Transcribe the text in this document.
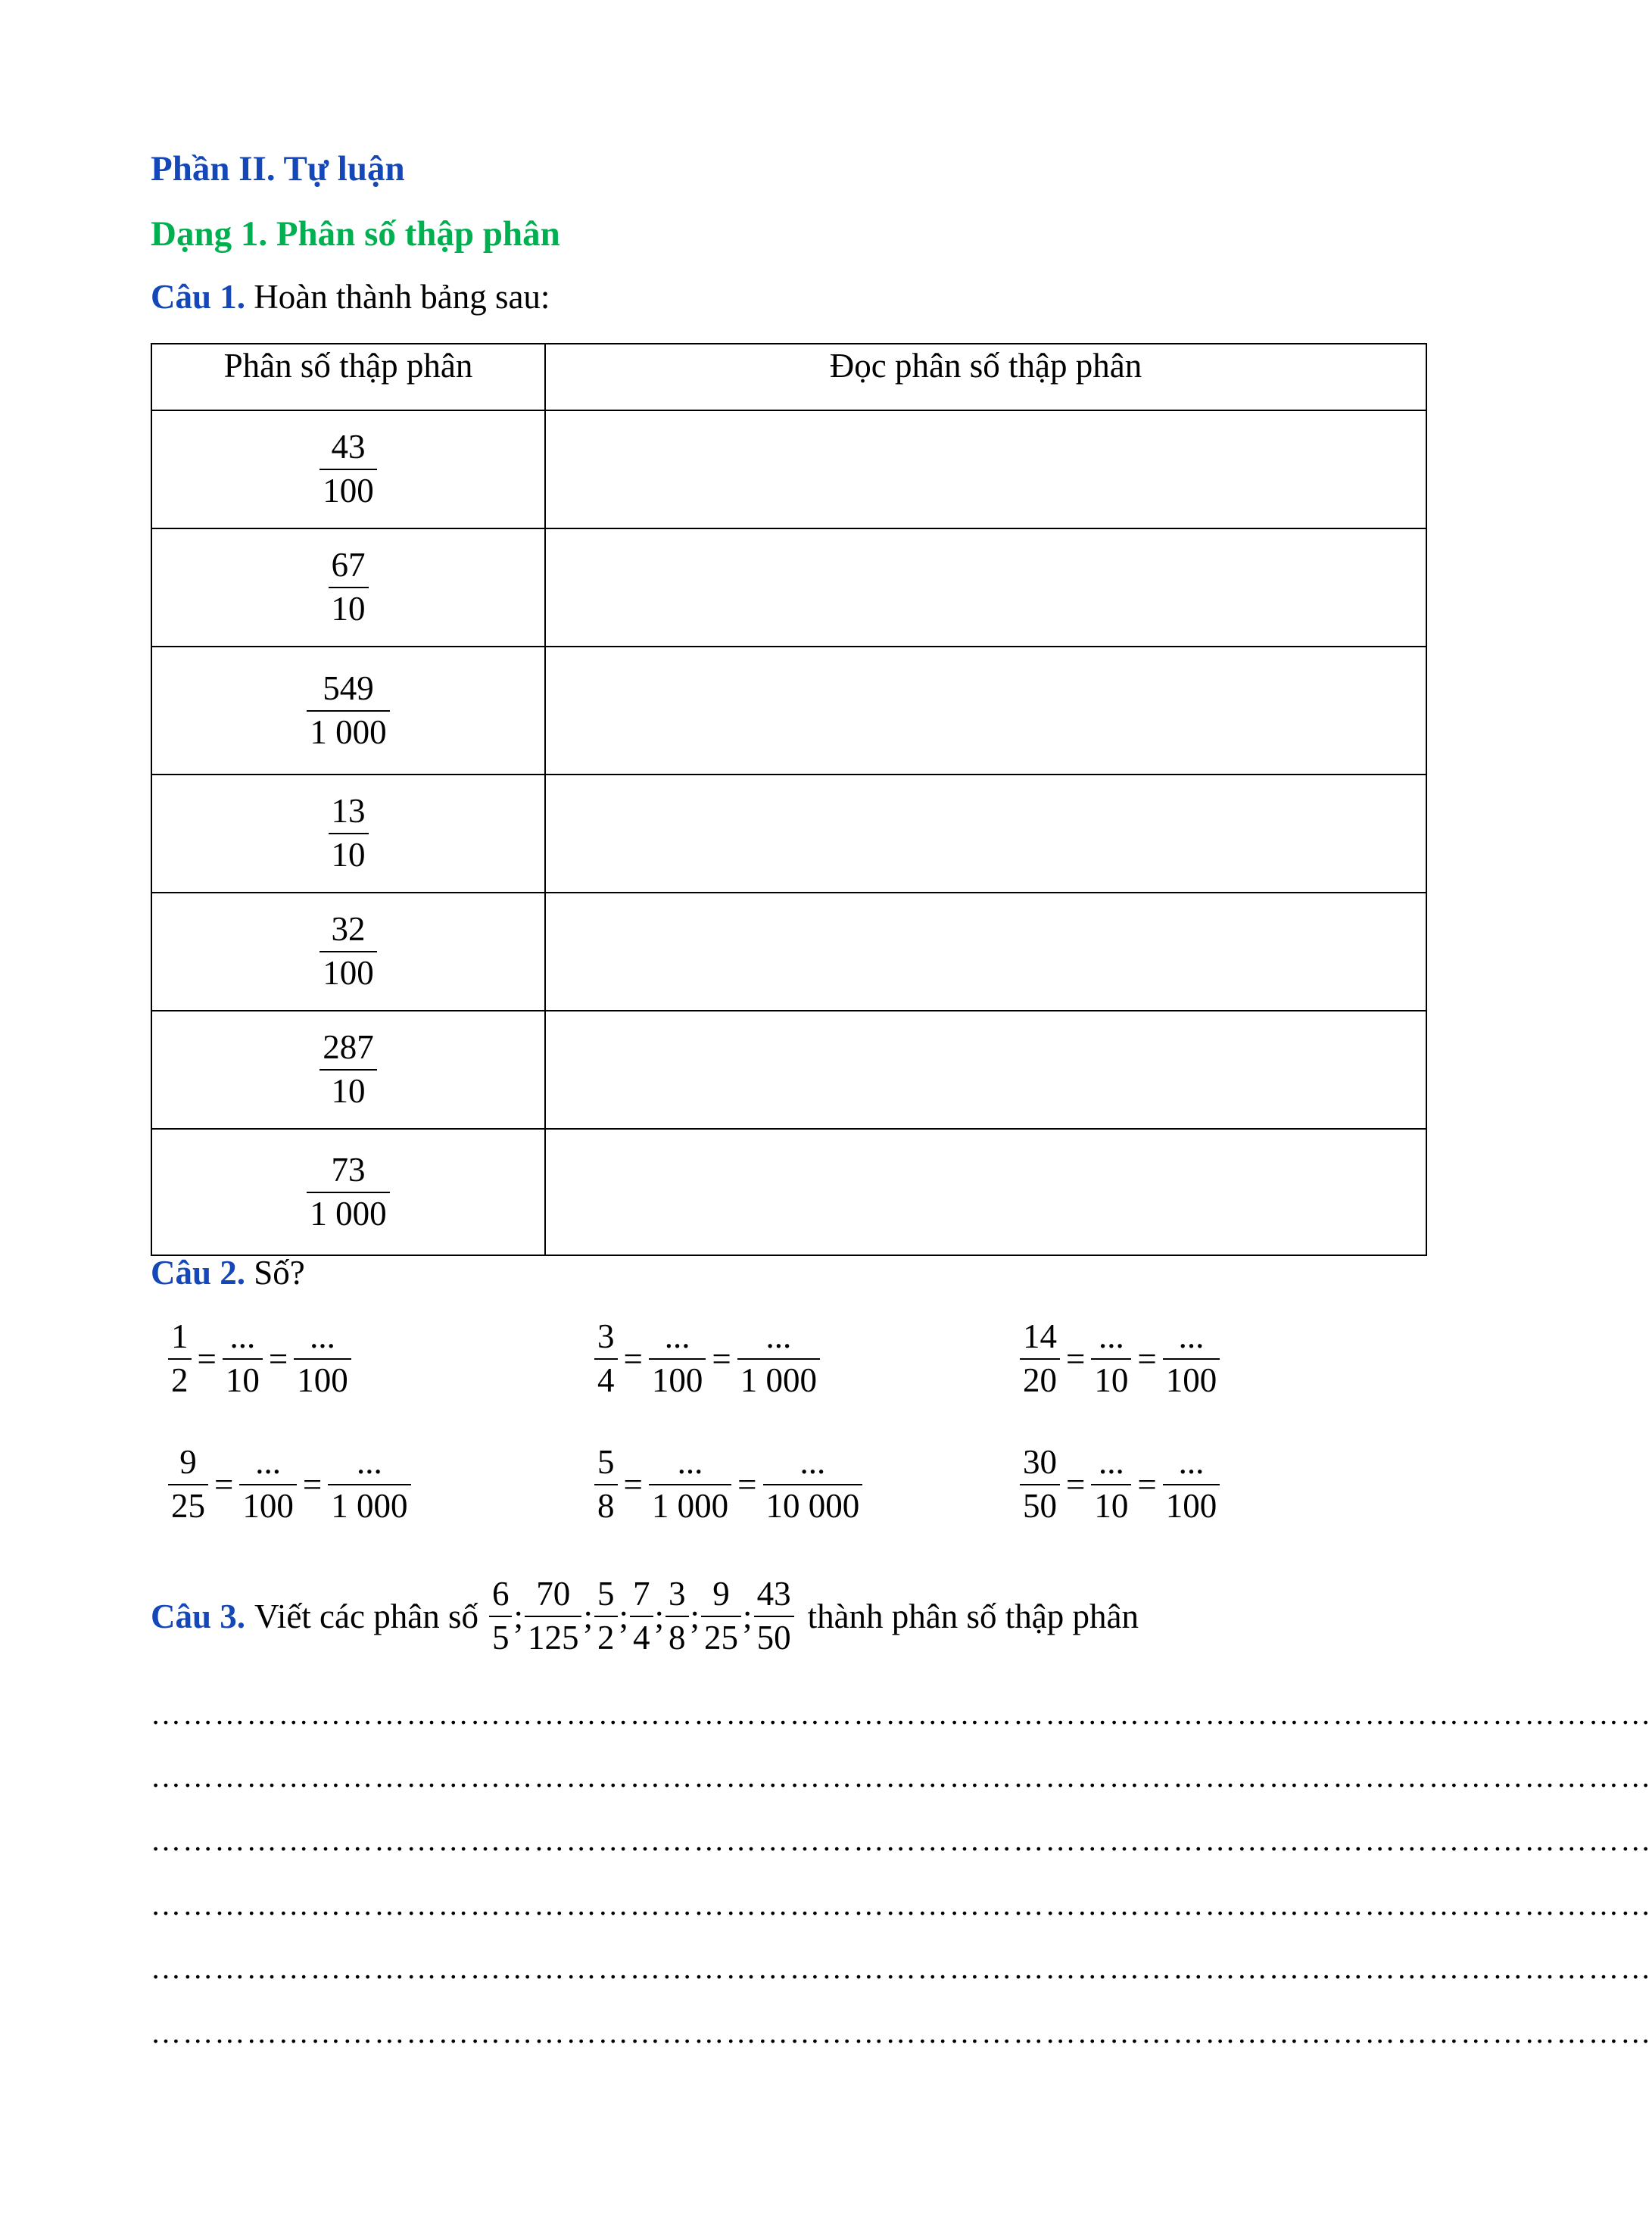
Phần II. Tự luận
Dạng 1. Phân số thập phân
Câu 1. Hoàn thành bảng sau:
Phân số thập phân	Đọc phân số thập phân

$\frac{43}{100}$

$\frac{67}{10}$

$\frac{549}{1 000}$

$\frac{13}{10}$

$\frac{32}{100}$

$\frac{287}{10}$

$\frac{73}{1 000}$

Câu 2. Số?
$\frac{1}{2} = \frac{...}{10} = \frac{...}{100}$	$\frac{3}{4} = \frac{...}{100} = \frac{...}{1 000}$	$\frac{14}{20} = \frac{...}{10} = \frac{...}{100}$
$\frac{9}{25} = \frac{...}{100} = \frac{...}{1 000}$	$\frac{5}{8} = \frac{...}{1 000} = \frac{...}{10 000}$	$\frac{30}{50} = \frac{...}{10} = \frac{...}{100}$
Câu 3. Viết các phân số $\frac{6}{5}$ ; $\frac{70}{125}$ ; $\frac{5}{2}$ ; $\frac{7}{4}$ ; $\frac{3}{8}$ ; $\frac{9}{25}$ ; $\frac{43}{50}$ thành phân số thập phân
……………………………………………………………………………………………………………………………
……………………………………………………………………………………………………………………………
……………………………………………………………………………………………………………………………
……………………………………………………………………………………………………………………………
……………………………………………………………………………………………………………………………
……………………………………………………………………………………………………………………………
